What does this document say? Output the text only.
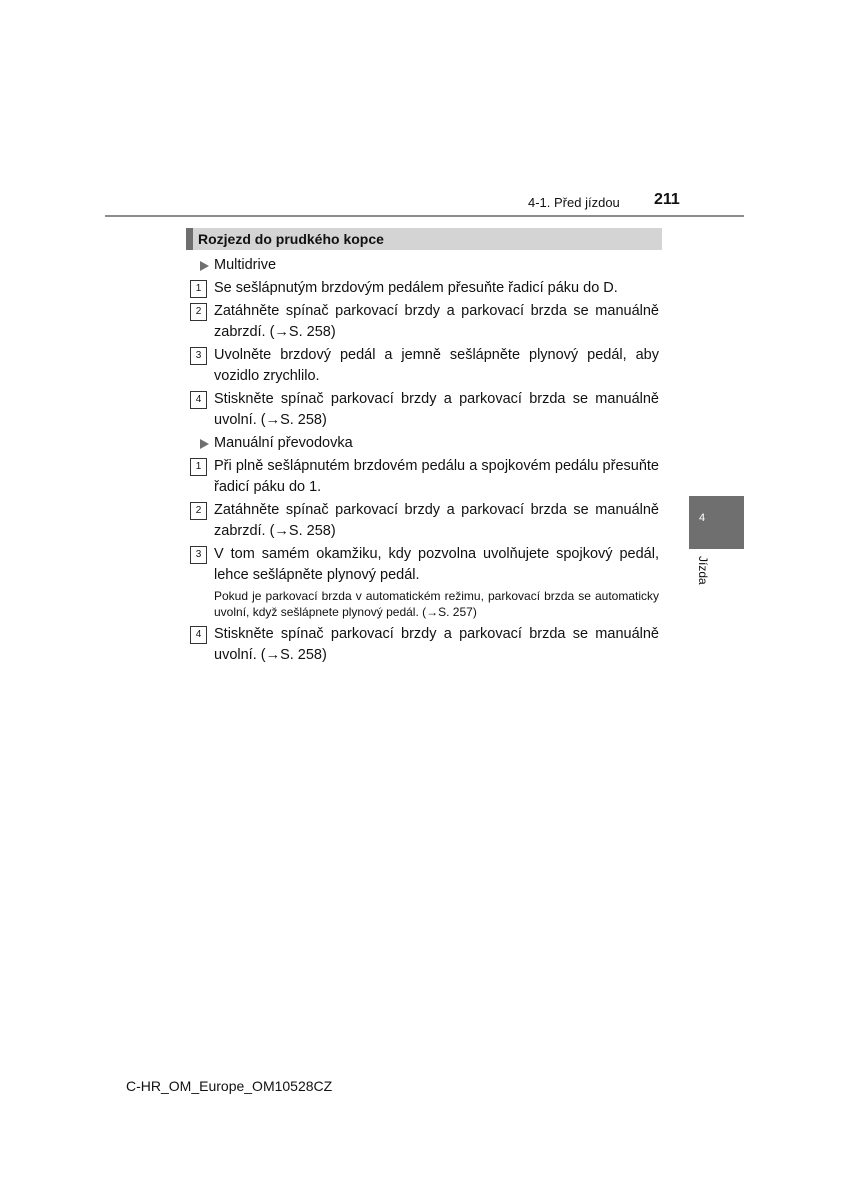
4-1. Před jízdou 211
Rozjezd do prudkého kopce
Multidrive
1 Se sešlápnutým brzdovým pedálem přesuňte řadicí páku do D.
2 Zatáhněte spínač parkovací brzdy a parkovací brzda se manuálně zabrzdí. (→S. 258)
3 Uvolněte brzdový pedál a jemně sešlápněte plynový pedál, aby vozidlo zrychlilo.
4 Stiskněte spínač parkovací brzdy a parkovací brzda se manuálně uvolní. (→S. 258)
Manuální převodovka
1 Při plně sešlápnutém brzdovém pedálu a spojkovém pedálu přesuňte řadicí páku do 1.
2 Zatáhněte spínač parkovací brzdy a parkovací brzda se manuálně zabrzdí. (→S. 258)
3 V tom samém okamžiku, kdy pozvolna uvolňujete spojkový pedál, lehce sešlápněte plynový pedál.
Pokud je parkovací brzda v automatickém režimu, parkovací brzda se automaticky uvolní, když sešlápnete plynový pedál. (→S. 257)
4 Stiskněte spínač parkovací brzdy a parkovací brzda se manuálně uvolní. (→S. 258)
4
Jízda
C-HR_OM_Europe_OM10528CZ
